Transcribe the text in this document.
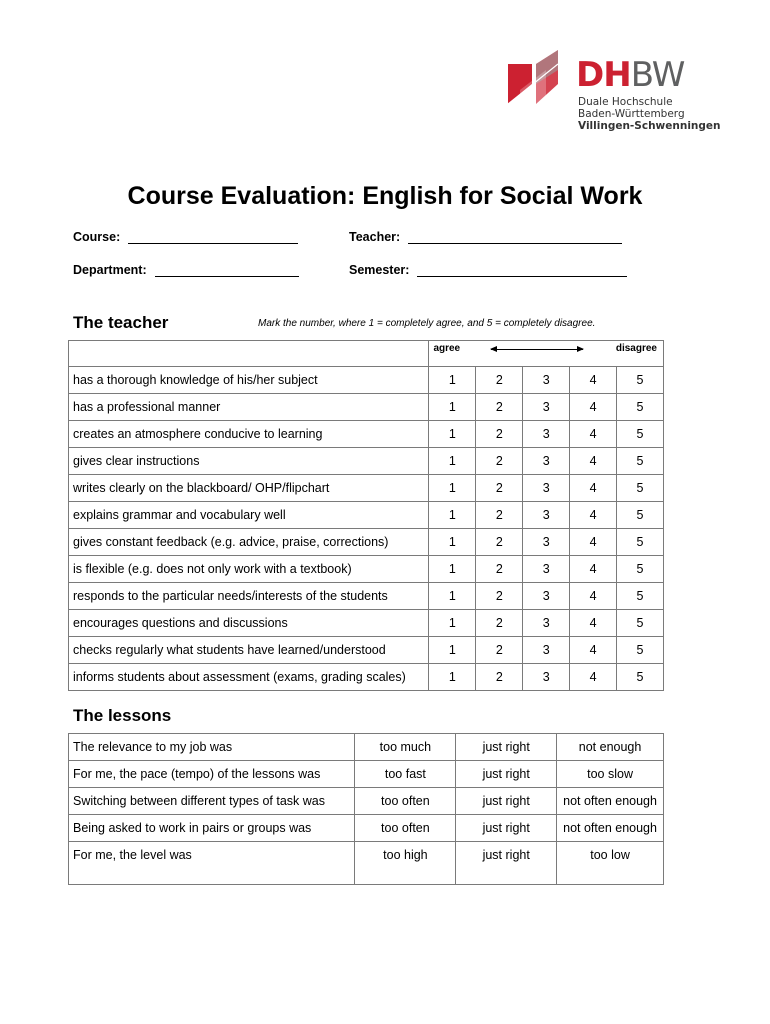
DHBW
Duale Hochschule
Baden-Württemberg
Villingen-Schwenningen
Course Evaluation: English for Social Work
Course:	Teacher:
Department:	Semester:
The teacher	Mark the number, where 1 = completely agree, and 5 = completely disagree.

	agree disagree				

has a thorough knowledge of his/her subject	1	2	3	4	5
has a professional manner	1	2	3	4	5
creates an atmosphere conducive to learning	1	2	3	4	5
gives clear instructions	1	2	3	4	5
writes clearly on the blackboard/ OHP/flipchart	1	2	3	4	5
explains grammar and vocabulary well	1	2	3	4	5
gives constant feedback (e.g. advice, praise, corrections)	1	2	3	4	5
is flexible (e.g. does not only work with a textbook)	1	2	3	4	5
responds to the particular needs/interests of the students	1	2	3	4	5
encourages questions and discussions	1	2	3	4	5
checks regularly what students have learned/understood	1	2	3	4	5
informs students about assessment (exams, grading scales)	1	2	3	4	5
The lessons
The relevance to my job was	too much	just right	not enough
For me, the pace (tempo) of the lessons was	too fast	just right	too slow
Switching between different types of task was	too often	just right	not often enough
Being asked to work in pairs or groups was	too often	just right	not often enough
For me, the level was	too high	just right	too low
